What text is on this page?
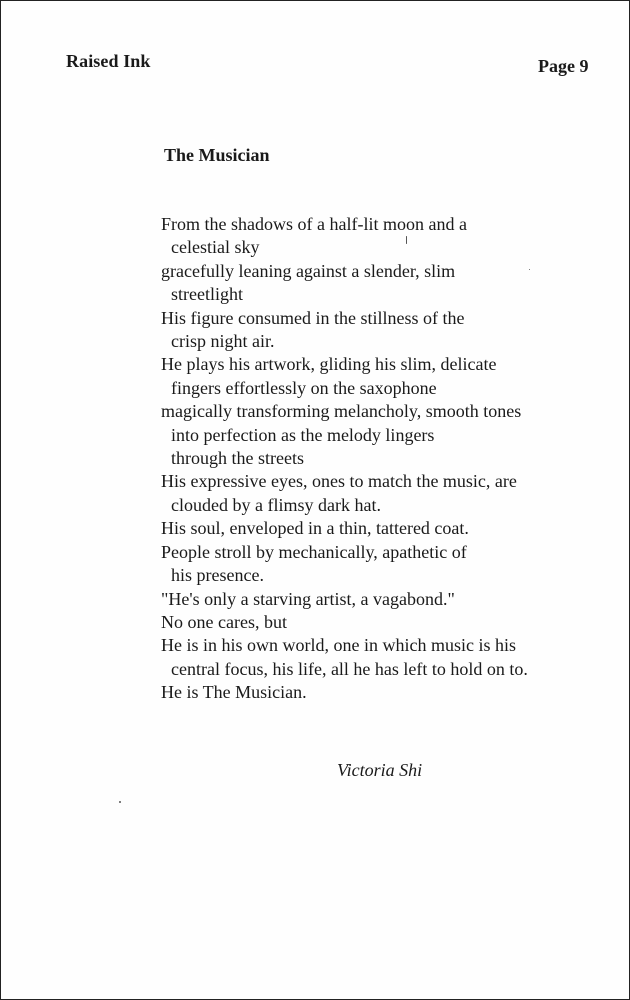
Raised Ink	Page 9
The Musician
From the shadows of a half-lit moon and a
celestial sky
gracefully leaning against a slender, slim
streetlight
His figure consumed in the stillness of the
crisp night air.
He plays his artwork, gliding his slim, delicate
fingers effortlessly on the saxophone
magically transforming melancholy, smooth tones
into perfection as the melody lingers
through the streets
His expressive eyes, ones to match the music, are
clouded by a flimsy dark hat.
His soul, enveloped in a thin, tattered coat.
People stroll by mechanically, apathetic of
his presence.
"He's only a starving artist, a vagabond."
No one cares, but
He is in his own world, one in which music is his
central focus, his life, all he has left to hold on to.
He is The Musician.
Victoria Shi
